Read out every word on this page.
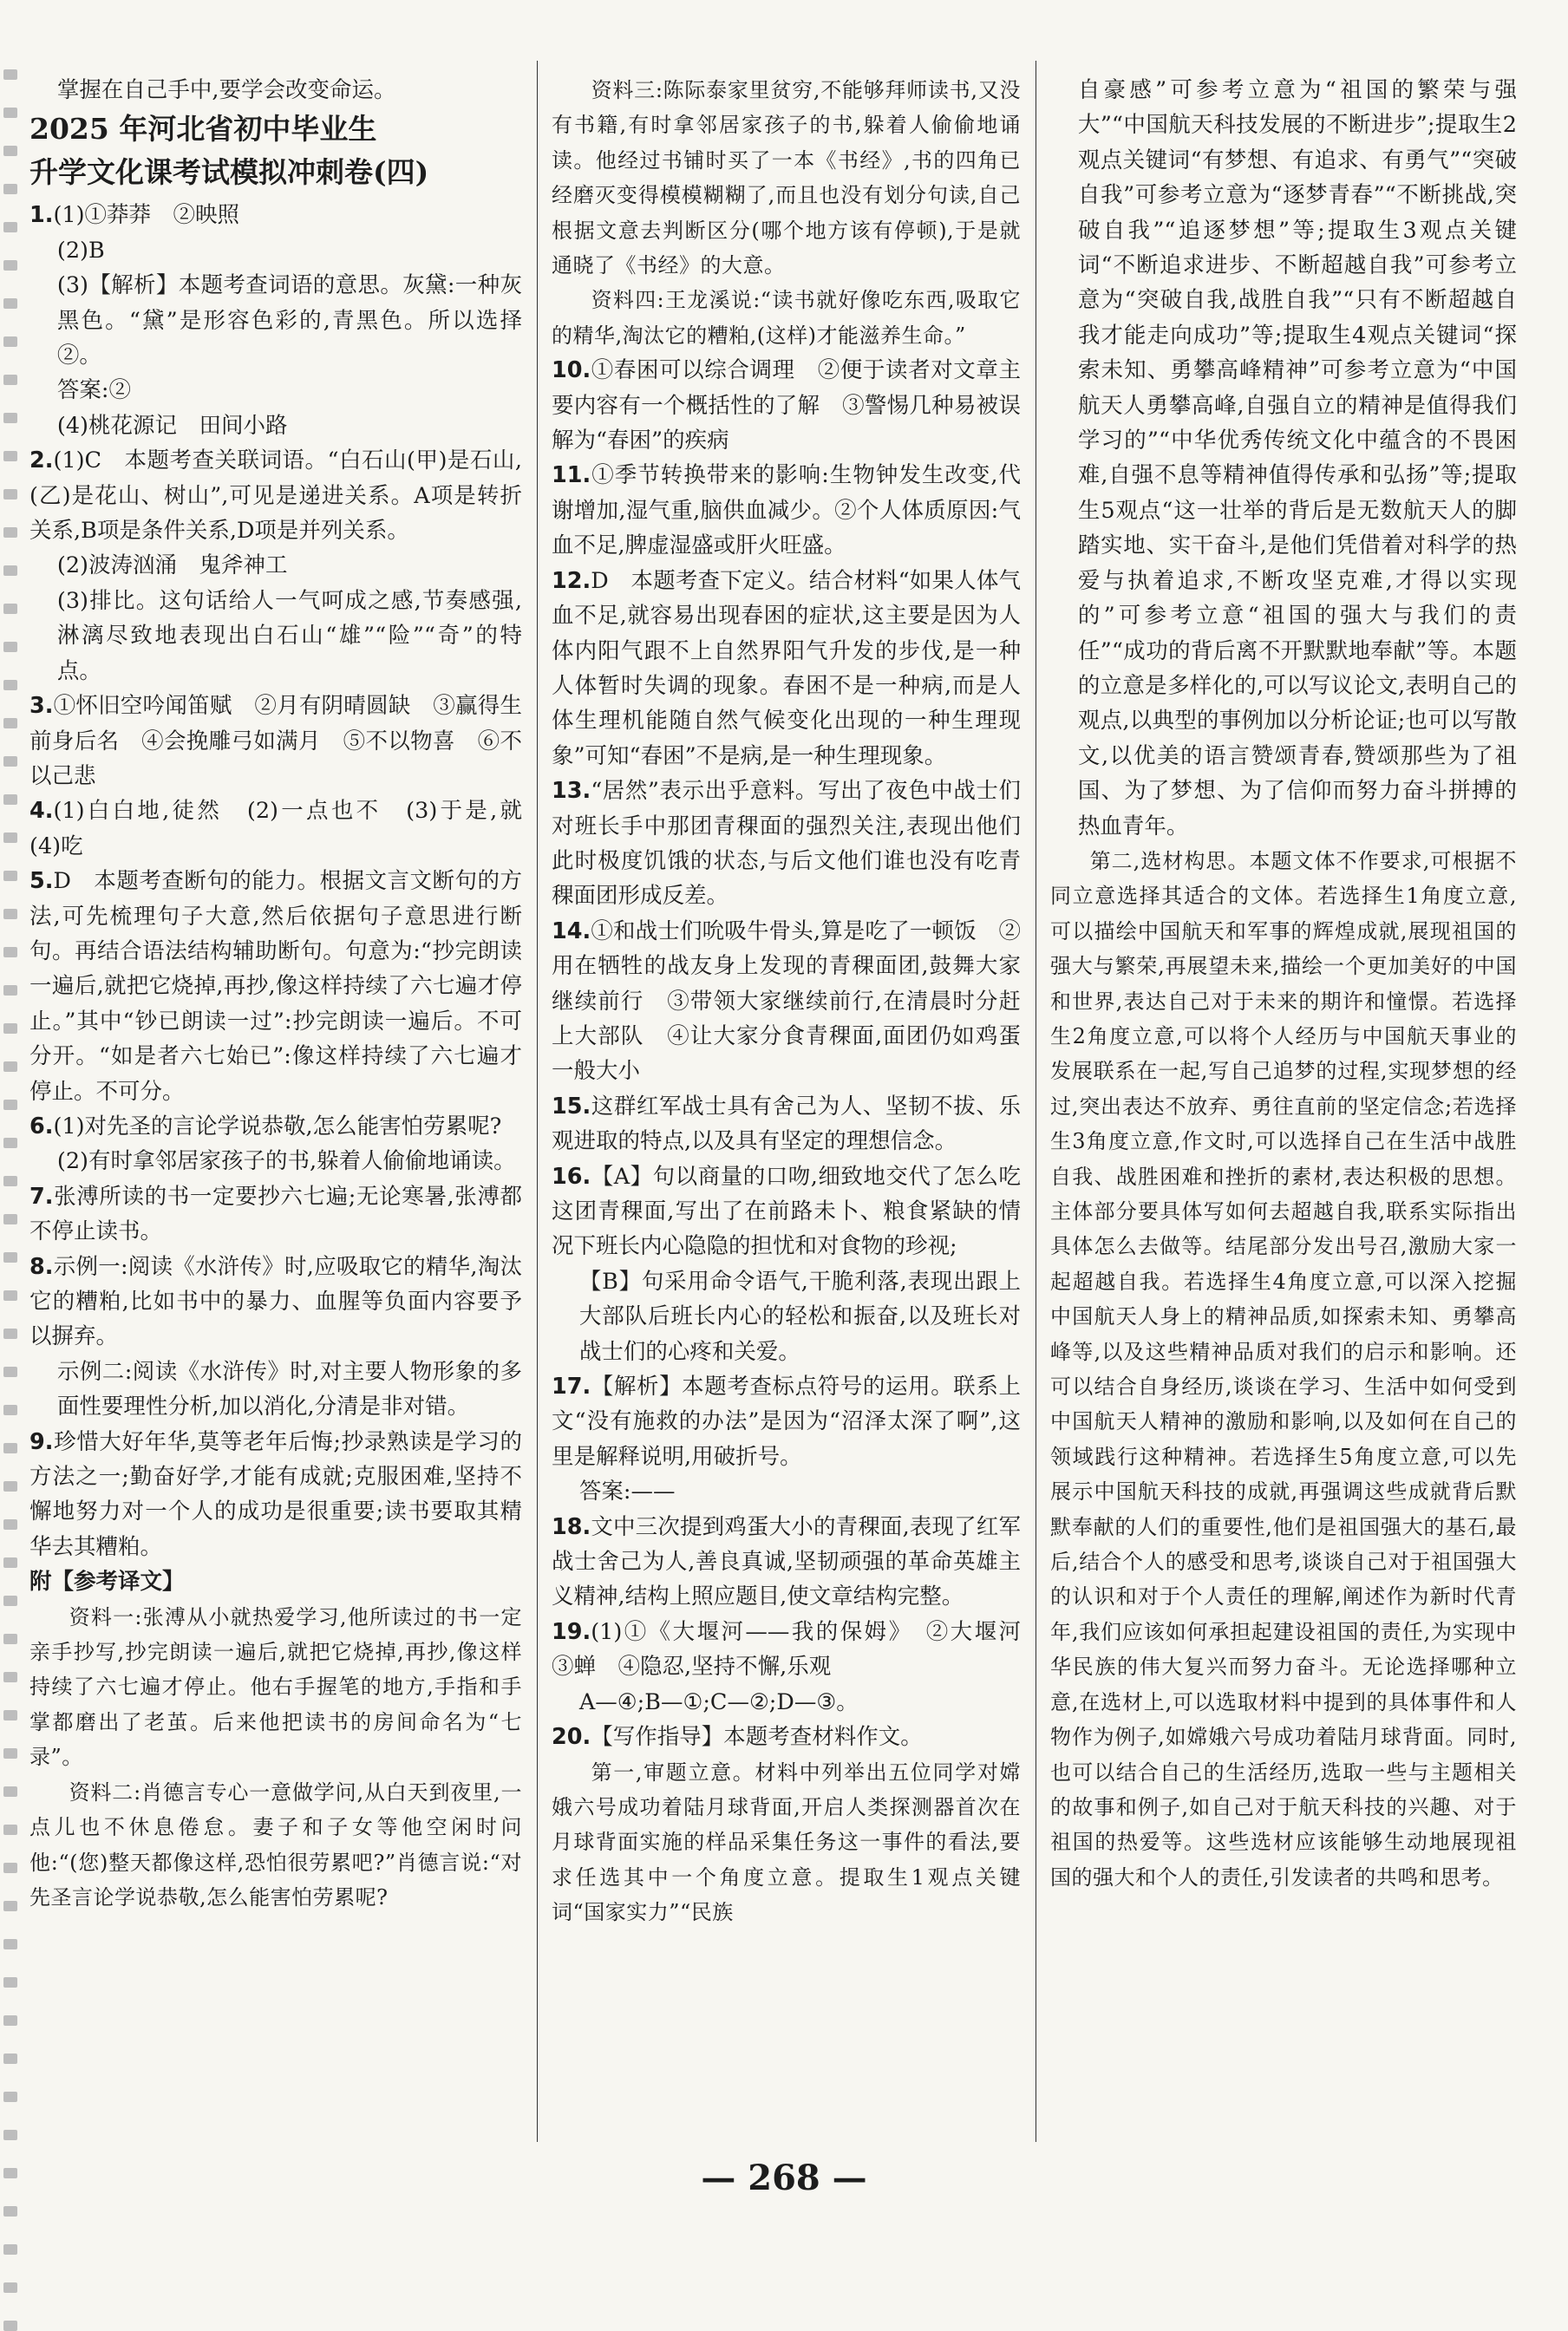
掌握在自己手中,要学会改变命运。

2025 年河北省初中毕业生

升学文化课考试模拟冲刺卷(四)

1.(1)①莽莽　②映照

(2)B

(3)【解析】本题考查词语的意思。灰黛:一种灰黑色。“黛”是形容色彩的,青黑色。所以选择②。

答案:②

(4)桃花源记　田间小路

2.(1)C　本题考查关联词语。“白石山(甲)是石山,(乙)是花山、树山”,可见是递进关系。A项是转折关系,B项是条件关系,D项是并列关系。

(2)波涛汹涌　鬼斧神工

(3)排比。这句话给人一气呵成之感,节奏感强,淋漓尽致地表现出白石山“雄”“险”“奇”的特点。

3.①怀旧空吟闻笛赋　②月有阴晴圆缺　③赢得生前身后名　④会挽雕弓如满月　⑤不以物喜　⑥不以己悲

4.(1)白白地,徒然　(2)一点也不　(3)于是,就　(4)吃

5.D　本题考查断句的能力。根据文言文断句的方法,可先梳理句子大意,然后依据句子意思进行断句。再结合语法结构辅助断句。句意为:“抄完朗读一遍后,就把它烧掉,再抄,像这样持续了六七遍才停止。”其中“钞已朗读一过”:抄完朗读一遍后。不可分开。“如是者六七始已”:像这样持续了六七遍才停止。不可分。

6.(1)对先圣的言论学说恭敬,怎么能害怕劳累呢?

(2)有时拿邻居家孩子的书,躲着人偷偷地诵读。

7.张溥所读的书一定要抄六七遍;无论寒暑,张溥都不停止读书。

8.示例一:阅读《水浒传》时,应吸取它的精华,淘汰它的糟粕,比如书中的暴力、血腥等负面内容要予以摒弃。

示例二:阅读《水浒传》时,对主要人物形象的多面性要理性分析,加以消化,分清是非对错。

9.珍惜大好年华,莫等老年后悔;抄录熟读是学习的方法之一;勤奋好学,才能有成就;克服困难,坚持不懈地努力对一个人的成功是很重要;读书要取其精华去其糟粕。

附【参考译文】

资料一:张溥从小就热爱学习,他所读过的书一定亲手抄写,抄完朗读一遍后,就把它烧掉,再抄,像这样持续了六七遍才停止。他右手握笔的地方,手指和手掌都磨出了老茧。后来他把读书的房间命名为“七录”。

资料二:肖德言专心一意做学问,从白天到夜里,一点儿也不休息倦怠。妻子和子女等他空闲时问他:“(您)整天都像这样,恐怕很劳累吧?”肖德言说:“对先圣言论学说恭敬,怎么能害怕劳累呢?

资料三:陈际泰家里贫穷,不能够拜师读书,又没有书籍,有时拿邻居家孩子的书,躲着人偷偷地诵读。他经过书铺时买了一本《书经》,书的四角已经磨灭变得模模糊糊了,而且也没有划分句读,自己根据文意去判断区分(哪个地方该有停顿),于是就通晓了《书经》的大意。

资料四:王龙溪说:“读书就好像吃东西,吸取它的精华,淘汰它的糟粕,(这样)才能滋养生命。”

10.①春困可以综合调理　②便于读者对文章主要内容有一个概括性的了解　③警惕几种易被误解为“春困”的疾病

11.①季节转换带来的影响:生物钟发生改变,代谢增加,湿气重,脑供血减少。②个人体质原因:气血不足,脾虚湿盛或肝火旺盛。

12.D　本题考查下定义。结合材料“如果人体气血不足,就容易出现春困的症状,这主要是因为人体内阳气跟不上自然界阳气升发的步伐,是一种人体暂时失调的现象。春困不是一种病,而是人体生理机能随自然气候变化出现的一种生理现象”可知“春困”不是病,是一种生理现象。

13.“居然”表示出乎意料。写出了夜色中战士们对班长手中那团青稞面的强烈关注,表现出他们此时极度饥饿的状态,与后文他们谁也没有吃青稞面团形成反差。

14.①和战士们吮吸牛骨头,算是吃了一顿饭　②用在牺牲的战友身上发现的青稞面团,鼓舞大家继续前行　③带领大家继续前行,在清晨时分赶上大部队　④让大家分食青稞面,面团仍如鸡蛋一般大小

15.这群红军战士具有舍己为人、坚韧不拔、乐观进取的特点,以及具有坚定的理想信念。

16.【A】句以商量的口吻,细致地交代了怎么吃这团青稞面,写出了在前路未卜、粮食紧缺的情况下班长内心隐隐的担忧和对食物的珍视;

【B】句采用命令语气,干脆利落,表现出跟上大部队后班长内心的轻松和振奋,以及班长对战士们的心疼和关爱。

17.【解析】本题考查标点符号的运用。联系上文“没有施救的办法”是因为“沼泽太深了啊”,这里是解释说明,用破折号。

答案:——

18.文中三次提到鸡蛋大小的青稞面,表现了红军战士舍己为人,善良真诚,坚韧顽强的革命英雄主义精神,结构上照应题目,使文章结构完整。

19.(1)①《大堰河——我的保姆》　②大堰河　③蝉　④隐忍,坚持不懈,乐观

A—④;B—①;C—②;D—③。

20.【写作指导】本题考查材料作文。

第一,审题立意。材料中列举出五位同学对嫦娥六号成功着陆月球背面,开启人类探测器首次在月球背面实施的样品采集任务这一事件的看法,要求任选其中一个角度立意。提取生1观点关键词“国家实力”“民族

自豪感”可参考立意为“祖国的繁荣与强大”“中国航天科技发展的不断进步”;提取生2观点关键词“有梦想、有追求、有勇气”“突破自我”可参考立意为“逐梦青春”“不断挑战,突破自我”“追逐梦想”等;提取生3观点关键词“不断追求进步、不断超越自我”可参考立意为“突破自我,战胜自我”“只有不断超越自我才能走向成功”等;提取生4观点关键词“探索未知、勇攀高峰精神”可参考立意为“中国航天人勇攀高峰,自强自立的精神是值得我们学习的”“中华优秀传统文化中蕴含的不畏困难,自强不息等精神值得传承和弘扬”等;提取生5观点“这一壮举的背后是无数航天人的脚踏实地、实干奋斗,是他们凭借着对科学的热爱与执着追求,不断攻坚克难,才得以实现的”可参考立意“祖国的强大与我们的责任”“成功的背后离不开默默地奉献”等。本题的立意是多样化的,可以写议论文,表明自己的观点,以典型的事例加以分析论证;也可以写散文,以优美的语言赞颂青春,赞颂那些为了祖国、为了梦想、为了信仰而努力奋斗拼搏的热血青年。

第二,选材构思。本题文体不作要求,可根据不同立意选择其适合的文体。若选择生1角度立意,可以描绘中国航天和军事的辉煌成就,展现祖国的强大与繁荣,再展望未来,描绘一个更加美好的中国和世界,表达自己对于未来的期许和憧憬。若选择生2角度立意,可以将个人经历与中国航天事业的发展联系在一起,写自己追梦的过程,实现梦想的经过,突出表达不放弃、勇往直前的坚定信念;若选择生3角度立意,作文时,可以选择自己在生活中战胜自我、战胜困难和挫折的素材,表达积极的思想。主体部分要具体写如何去超越自我,联系实际指出具体怎么去做等。结尾部分发出号召,激励大家一起超越自我。若选择生4角度立意,可以深入挖掘中国航天人身上的精神品质,如探索未知、勇攀高峰等,以及这些精神品质对我们的启示和影响。还可以结合自身经历,谈谈在学习、生活中如何受到中国航天人精神的激励和影响,以及如何在自己的领域践行这种精神。若选择生5角度立意,可以先展示中国航天科技的成就,再强调这些成就背后默默奉献的人们的重要性,他们是祖国强大的基石,最后,结合个人的感受和思考,谈谈自己对于祖国强大的认识和对于个人责任的理解,阐述作为新时代青年,我们应该如何承担起建设祖国的责任,为实现中华民族的伟大复兴而努力奋斗。无论选择哪种立意,在选材上,可以选取材料中提到的具体事件和人物作为例子,如嫦娥六号成功着陆月球背面。同时,也可以结合自己的生活经历,选取一些与主题相关的故事和例子,如自己对于航天科技的兴趣、对于祖国的热爱等。这些选材应该能够生动地展现祖国的强大和个人的责任,引发读者的共鸣和思考。

— 268 —
